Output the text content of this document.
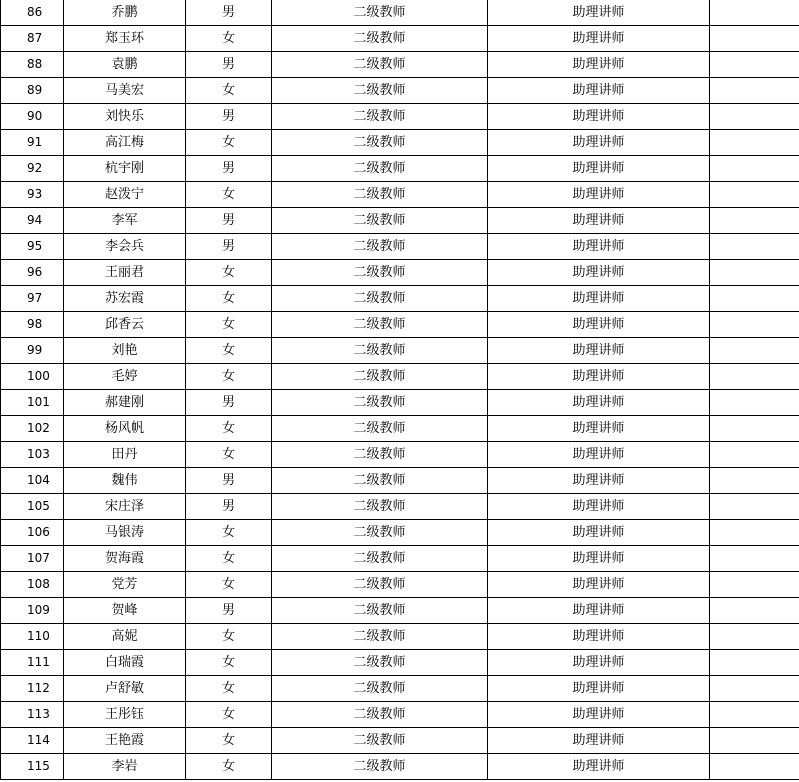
86	乔鹏	男	二级教师	助理讲师	
87	郑玉环	女	二级教师	助理讲师	
88	袁鹏	男	二级教师	助理讲师	
89	马美宏	女	二级教师	助理讲师	
90	刘快乐	男	二级教师	助理讲师	
91	高江梅	女	二级教师	助理讲师	
92	杭宇刚	男	二级教师	助理讲师	
93	赵泼宁	女	二级教师	助理讲师	
94	李军	男	二级教师	助理讲师	
95	李会兵	男	二级教师	助理讲师	
96	王丽君	女	二级教师	助理讲师	
97	苏宏霞	女	二级教师	助理讲师	
98	邱香云	女	二级教师	助理讲师	
99	刘艳	女	二级教师	助理讲师	
100	毛婷	女	二级教师	助理讲师	
101	郝建刚	男	二级教师	助理讲师	
102	杨风帆	女	二级教师	助理讲师	
103	田丹	女	二级教师	助理讲师	
104	魏伟	男	二级教师	助理讲师	
105	宋庄泽	男	二级教师	助理讲师	
106	马银涛	女	二级教师	助理讲师	
107	贺海霞	女	二级教师	助理讲师	
108	党芳	女	二级教师	助理讲师	
109	贺峰	男	二级教师	助理讲师	
110	高妮	女	二级教师	助理讲师	
111	白瑞霞	女	二级教师	助理讲师	
112	卢舒敏	女	二级教师	助理讲师	
113	王彤钰	女	二级教师	助理讲师	
114	王艳霞	女	二级教师	助理讲师	
115	李岩	女	二级教师	助理讲师	
